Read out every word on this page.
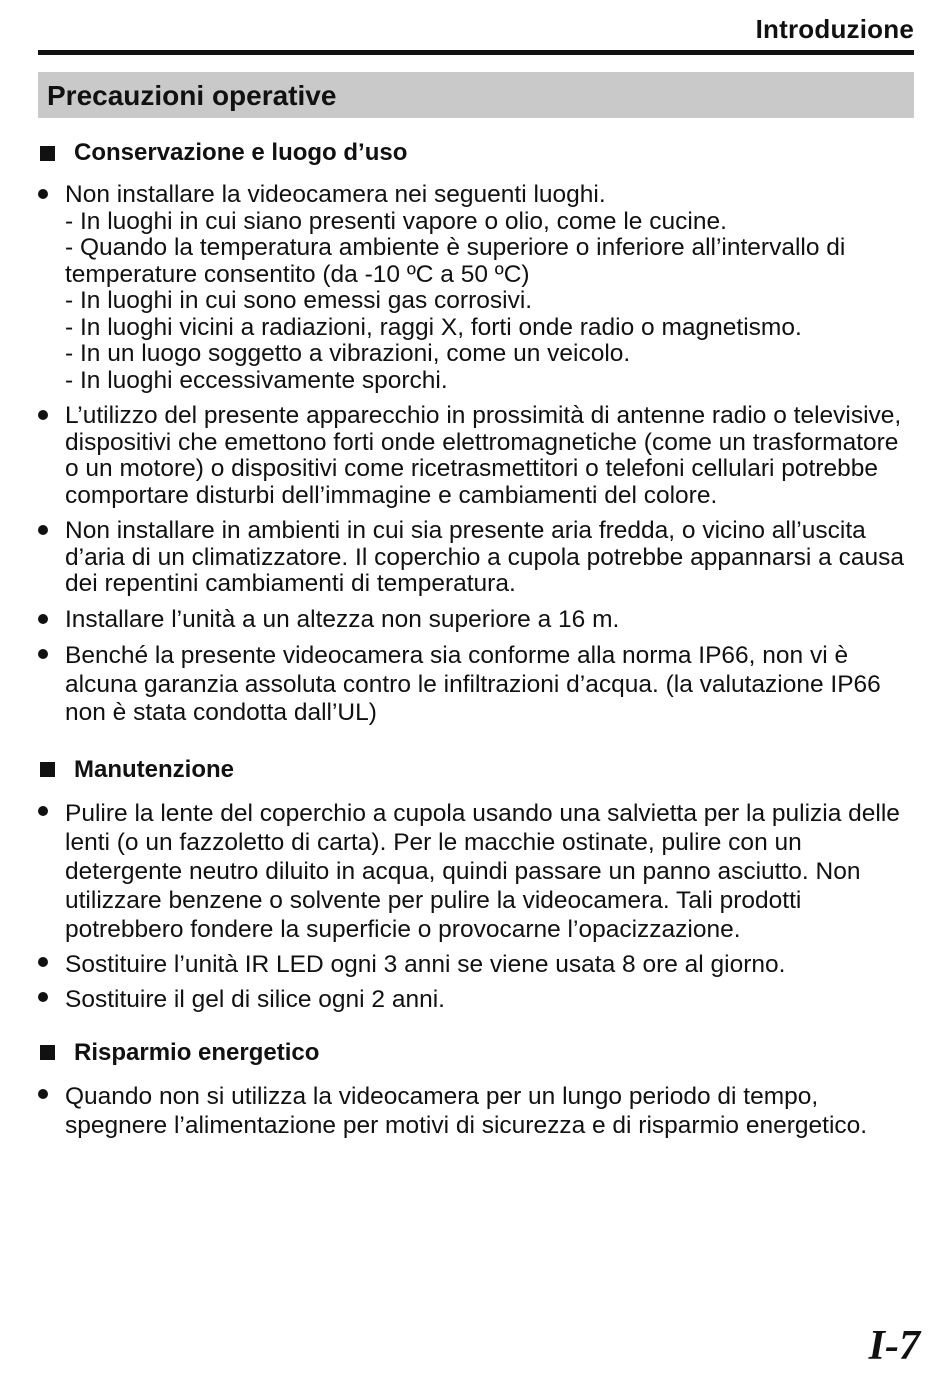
Introduzione
Precauzioni operative
Conservazione e luogo d’uso
Non installare la videocamera nei seguenti luoghi.
- In luoghi in cui siano presenti vapore o olio, come le cucine.
- Quando la temperatura ambiente è superiore o inferiore all’intervallo di temperature consentito (da -10 ºC a 50 ºC)
- In luoghi in cui sono emessi gas corrosivi.
- In luoghi vicini a radiazioni, raggi X, forti onde radio o magnetismo.
- In un luogo soggetto a vibrazioni, come un veicolo.
- In luoghi eccessivamente sporchi.
L’utilizzo del presente apparecchio in prossimità di antenne radio o televisive, dispositivi che emettono forti onde elettromagnetiche (come un trasformatore o un motore) o dispositivi come ricetrasmettitori o telefoni cellulari potrebbe comportare disturbi dell’immagine e cambiamenti del colore.
Non installare in ambienti in cui sia presente aria fredda, o vicino all’uscita d’aria di un climatizzatore. Il coperchio a cupola potrebbe appannarsi a causa dei repentini cambiamenti di temperatura.
Installare l’unità a un altezza non superiore a 16 m.
Benché la presente videocamera sia conforme alla norma IP66, non vi è alcuna garanzia assoluta contro le infiltrazioni d’acqua. (la valutazione IP66 non è stata condotta dall’UL)
Manutenzione
Pulire la lente del coperchio a cupola usando una salvietta per la pulizia delle lenti (o un fazzoletto di carta). Per le macchie ostinate, pulire con un detergente neutro diluito in acqua, quindi passare un panno asciutto. Non utilizzare benzene o solvente per pulire la videocamera. Tali prodotti potrebbero fondere la superficie o provocarne l’opacizzazione.
Sostituire l’unità IR LED ogni 3 anni se viene usata 8 ore al giorno.
Sostituire il gel di silice ogni 2 anni.
Risparmio energetico
Quando non si utilizza la videocamera per un lungo periodo di tempo, spegnere l’alimentazione per motivi di sicurezza e di risparmio energetico.
I-7
